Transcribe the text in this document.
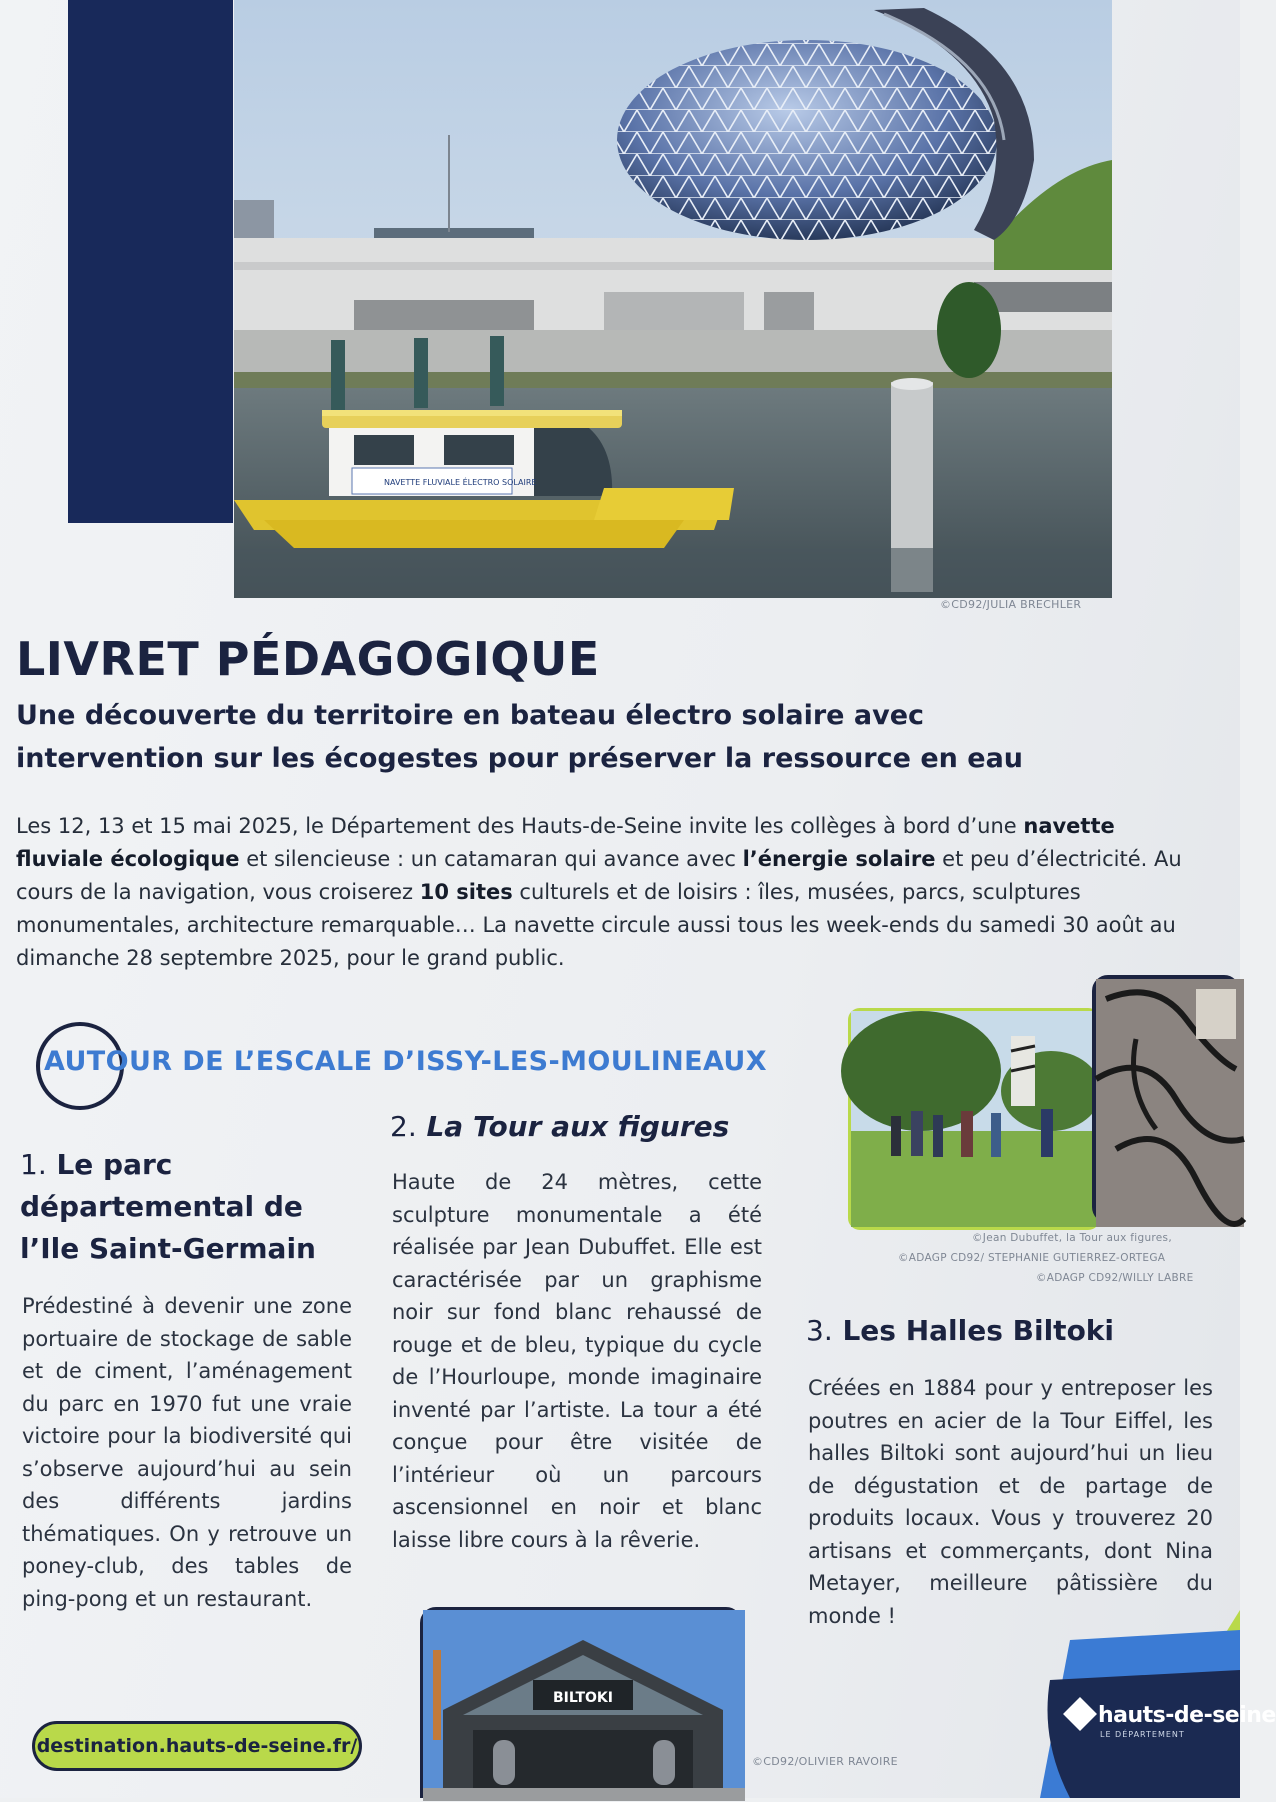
NAVETTE FLUVIALE ÉLECTRO SOLAIRE
©CD92/JULIA BRECHLER
LIVRET PÉDAGOGIQUE
Une découverte du territoire en bateau électro solaire avec intervention sur les écogestes pour préserver la ressource en eau

Les 12, 13 et 15 mai 2025, le Département des Hauts-de-Seine invite les collèges à bord d’une navette fluviale écologique et silencieuse : un catamaran qui avance avec l’énergie solaire et peu d’électricité. Au cours de la navigation, vous croiserez 10 sites culturels et de loisirs : îles, musées, parcs, sculptures monumentales, architecture remarquable… La navette circule aussi tous les week-ends du samedi 30 août au dimanche 28 septembre 2025, pour le grand public.

AUTOUR DE L’ESCALE D’ISSY-LES-MOULINEAUX
1. Le parc départemental de l’Ile Saint-Germain

Prédestiné à devenir une zone portuaire de stockage de sable et de ciment, l’aménagement du parc en 1970 fut une vraie victoire pour la biodiversité qui s’observe aujourd’hui au sein des différents jardins thématiques. On y retrouve un poney-club, des tables de ping-pong et un restaurant.

2. La Tour aux figures

Haute de 24 mètres, cette sculpture monumentale a été réalisée par Jean Dubuffet. Elle est caractérisée par un graphisme noir sur fond blanc rehaussé de rouge et de bleu, typique du cycle de l’Hourloupe, monde imaginaire inventé par l’artiste. La tour a été conçue pour être visitée de l’intérieur où un parcours ascensionnel en noir et blanc laisse libre cours à la rêverie.

3. Les Halles Biltoki

Créées en 1884 pour y entreposer les poutres en acier de la Tour Eiffel, les halles Biltoki sont aujourd’hui un lieu de dégustation et de partage de produits locaux. Vous y trouverez 20 artisans et commerçants, dont Nina Metayer, meilleure pâtissière du monde !

©Jean Dubuffet, la Tour aux figures,
©ADAGP CD92/ STEPHANIE GUTIERREZ-ORTEGA
©ADAGP CD92/WILLY LABRE
BILTOKI
©CD92/OLIVIER RAVOIRE
destination.hauts-de-seine.fr/
hauts-de-seine
LE DÉPARTEMENT
